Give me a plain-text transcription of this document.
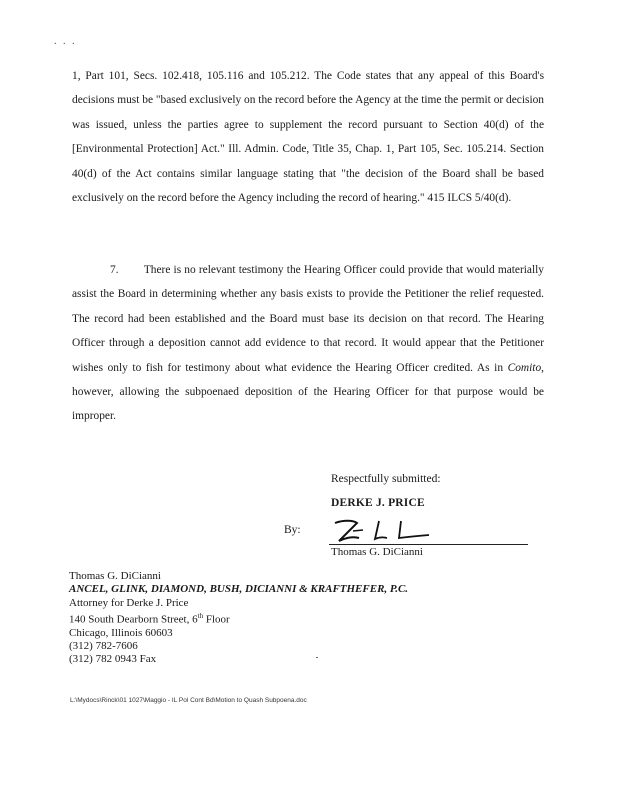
. . .
1, Part 101, Secs. 102.418, 105.116 and 105.212. The Code states that any appeal of this Board's decisions must be "based exclusively on the record before the Agency at the time the permit or decision was issued, unless the parties agree to supplement the record pursuant to Section 40(d) of the [Environmental Protection] Act." Ill. Admin. Code, Title 35, Chap. 1, Part 105, Sec. 105.214. Section 40(d) of the Act contains similar language stating that "the decision of the Board shall be based exclusively on the record before the Agency including the record of hearing." 415 ILCS 5/40(d).
7. There is no relevant testimony the Hearing Officer could provide that would materially assist the Board in determining whether any basis exists to provide the Petitioner the relief requested. The record had been established and the Board must base its decision on that record. The Hearing Officer through a deposition cannot add evidence to that record. It would appear that the Petitioner wishes only to fish for testimony about what evidence the Hearing Officer credited. As in Comito, however, allowing the subpoenaed deposition of the Hearing Officer for that purpose would be improper.
Respectfully submitted:
DERKE J. PRICE
By:
Thomas G. DiCianni
Thomas G. DiCianni
ANCEL, GLINK, DIAMOND, BUSH, DICIANNI & KRAFTHEFER, P.C.
Attorney for Derke J. Price
140 South Dearborn Street, 6th Floor
Chicago, Illinois 60603
(312) 782-7606
(312) 782 0943 Fax
L:\Mydocs\Rinck\01 1027\Maggio - IL Pol Cont Bd\Motion to Quash Subpoena.doc
